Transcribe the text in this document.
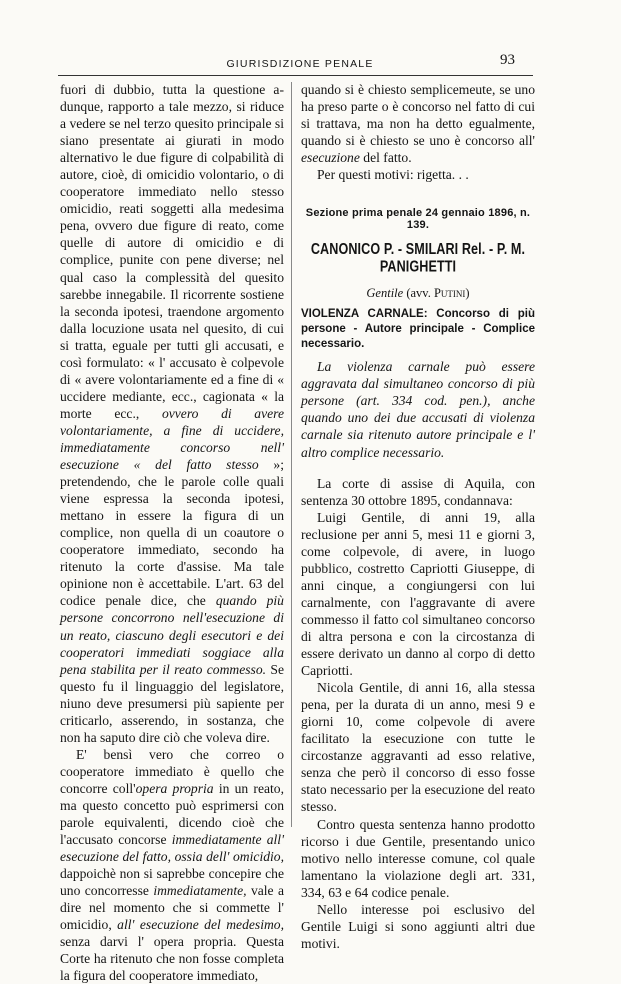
GIURISDIZIONE PENALE	93

fuori di dubbio, tutta la questione a-dunque, rapporto a tale mezzo, si riduce a vedere se nel terzo quesito principale si siano presentate ai giurati in modo alternativo le due figure di colpabilità di autore, cioè, di omicidio volontario, o di cooperatore immediato nello stesso omicidio, reati soggetti alla medesima pena, ovvero due figure di reato, come quelle di autore di omicidio e di complice, punite con pene diverse; nel qual caso la complessità del quesito sarebbe innegabile. Il ricorrente sostiene la seconda ipotesi, traendone argomento dalla locuzione usata nel quesito, di cui si tratta, eguale per tutti gli accusati, e così formulato: « l' accusato è colpevole di « avere volontariamente ed a fine di « uccidere mediante, ecc., cagionata « la morte ecc., ovvero di avere volontariamente, a fine di uccidere, immediatamente concorso nell' esecuzione « del fatto stesso »; pretendendo, che le parole colle quali viene espressa la seconda ipotesi, mettano in essere la figura di un complice, non quella di un coautore o cooperatore immediato, secondo ha ritenuto la corte d'assise. Ma tale opinione non è accettabile. L'art. 63 del codice penale dice, che quando più persone concorrono nell'esecuzione di un reato, ciascuno degli esecutori e dei cooperatori immediati soggiace alla pena stabilita per il reato commesso. Se questo fu il linguaggio del legislatore, niuno deve presumersi più sapiente per criticarlo, asserendo, in sostanza, che non ha saputo dire ciò che voleva dire.

E' bensì vero che correo o cooperatore immediato è quello che concorre coll'opera propria in un reato, ma questo concetto può esprimersi con parole equivalenti, dicendo cioè che l'accusato concorse immediatamente all' esecuzione del fatto, ossia dell' omicidio, dappoichè non si saprebbe concepire che uno concorresse immediatamente, vale a dire nel momento che si commette l' omicidio, all' esecuzione del medesimo, senza darvi l' opera propria. Questa Corte ha ritenuto che non fosse completa la figura del cooperatore immediato,

quando si è chiesto semplicemeute, se uno ha preso parte o è concorso nel fatto di cui si trattava, ma non ha detto egualmente, quando si è chiesto se uno è concorso all' esecuzione del fatto.

Per questi motivi: rigetta. . .

Sezione prima penale 24 gennaio 1896, n. 139.

CANONICO P. - SMILARI Rel. - P. M. PANIGHETTI

Gentile (avv. Putini)

VIOLENZA CARNALE: Concorso di più persone - Autore principale - Complice necessario.

La violenza carnale può essere aggravata dal simultaneo concorso di più persone (art. 334 cod. pen.), anche quando uno dei due accusati di violenza carnale sia ritenuto autore principale e l' altro complice necessario.

La corte di assise di Aquila, con sentenza 30 ottobre 1895, condannava:

Luigi Gentile, di anni 19, alla reclusione per anni 5, mesi 11 e giorni 3, come colpevole, di avere, in luogo pubblico, costretto Capriotti Giuseppe, di anni cinque, a congiungersi con lui carnalmente, con l'aggravante di avere commesso il fatto col simultaneo concorso di altra persona e con la circostanza di essere derivato un danno al corpo di detto Capriotti.

Nicola Gentile, di anni 16, alla stessa pena, per la durata di un anno, mesi 9 e giorni 10, come colpevole di avere facilitato la esecuzione con tutte le circostanze aggravanti ad esso relative, senza che però il concorso di esso fosse stato necessario per la esecuzione del reato stesso.

Contro questa sentenza hanno prodotto ricorso i due Gentile, presentando unico motivo nello interesse comune, col quale lamentano la violazione degli art. 331, 334, 63 e 64 codice penale.

Nello interesse poi esclusivo del Gentile Luigi si sono aggiunti altri due motivi.
